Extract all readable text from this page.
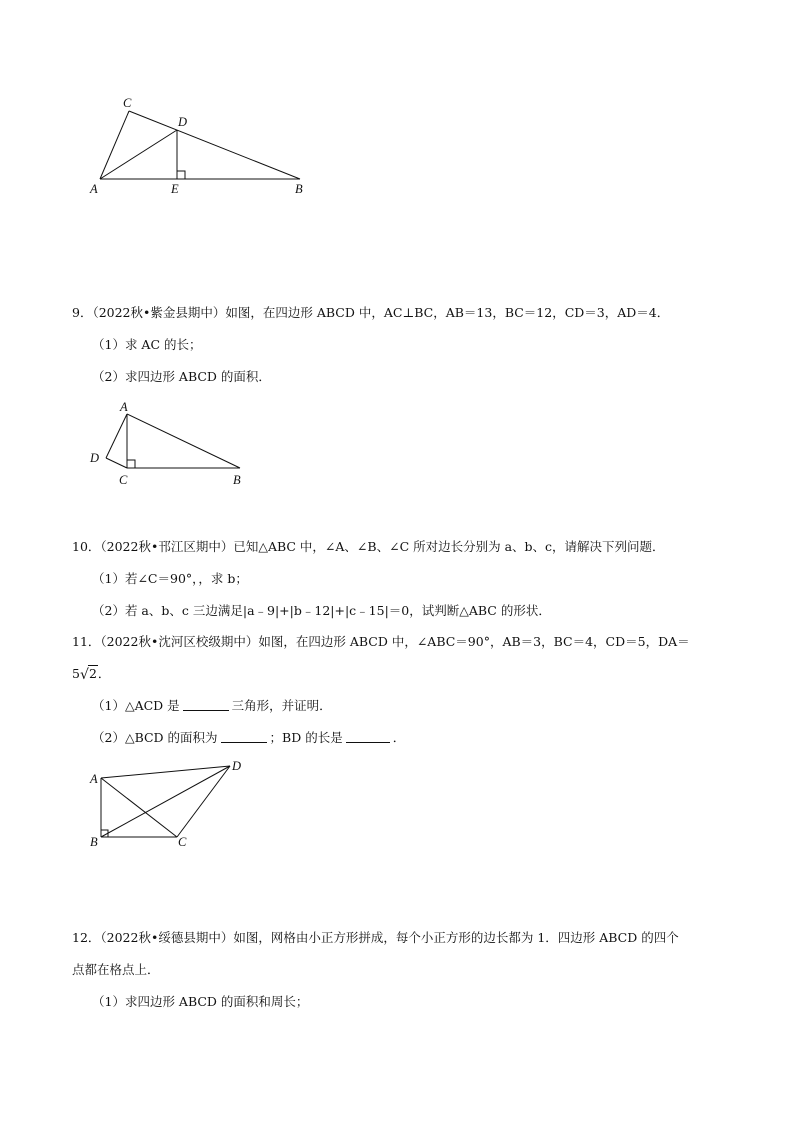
C
D
A	E	B
9．（2022秋•紫金县期中）如图，在四边形 ABCD 中，AC⊥BC，AB＝13，BC＝12，CD＝3，AD＝4．
（1）求 AC 的长；
（2）求四边形 ABCD 的面积．
A
D
C	B
10．（2022秋•邗江区期中）已知△ABC 中，∠A、∠B、∠C 所对边长分别为 a、b、c，请解决下列问题．
（1）若∠C＝90°，，求 b；
（2）若 a、b、c 三边满足|a﹣9|+|b﹣12|+|c﹣15|＝0，试判断△ABC 的形状．
11．（2022秋•沈河区校级期中）如图，在四边形 ABCD 中，∠ABC＝90°，AB＝3，BC＝4，CD＝5，DA＝
5 √ 2．
（1）△ACD 是	三角形，并证明．
（2）△BCD 的面积为	；BD 的长是	．
A
D
B	C
12．（2022秋•绥德县期中）如图，网格由小正方形拼成，每个小正方形的边长都为 1．四边形 ABCD 的四个
点都在格点上．
（1）求四边形 ABCD 的面积和周长；
